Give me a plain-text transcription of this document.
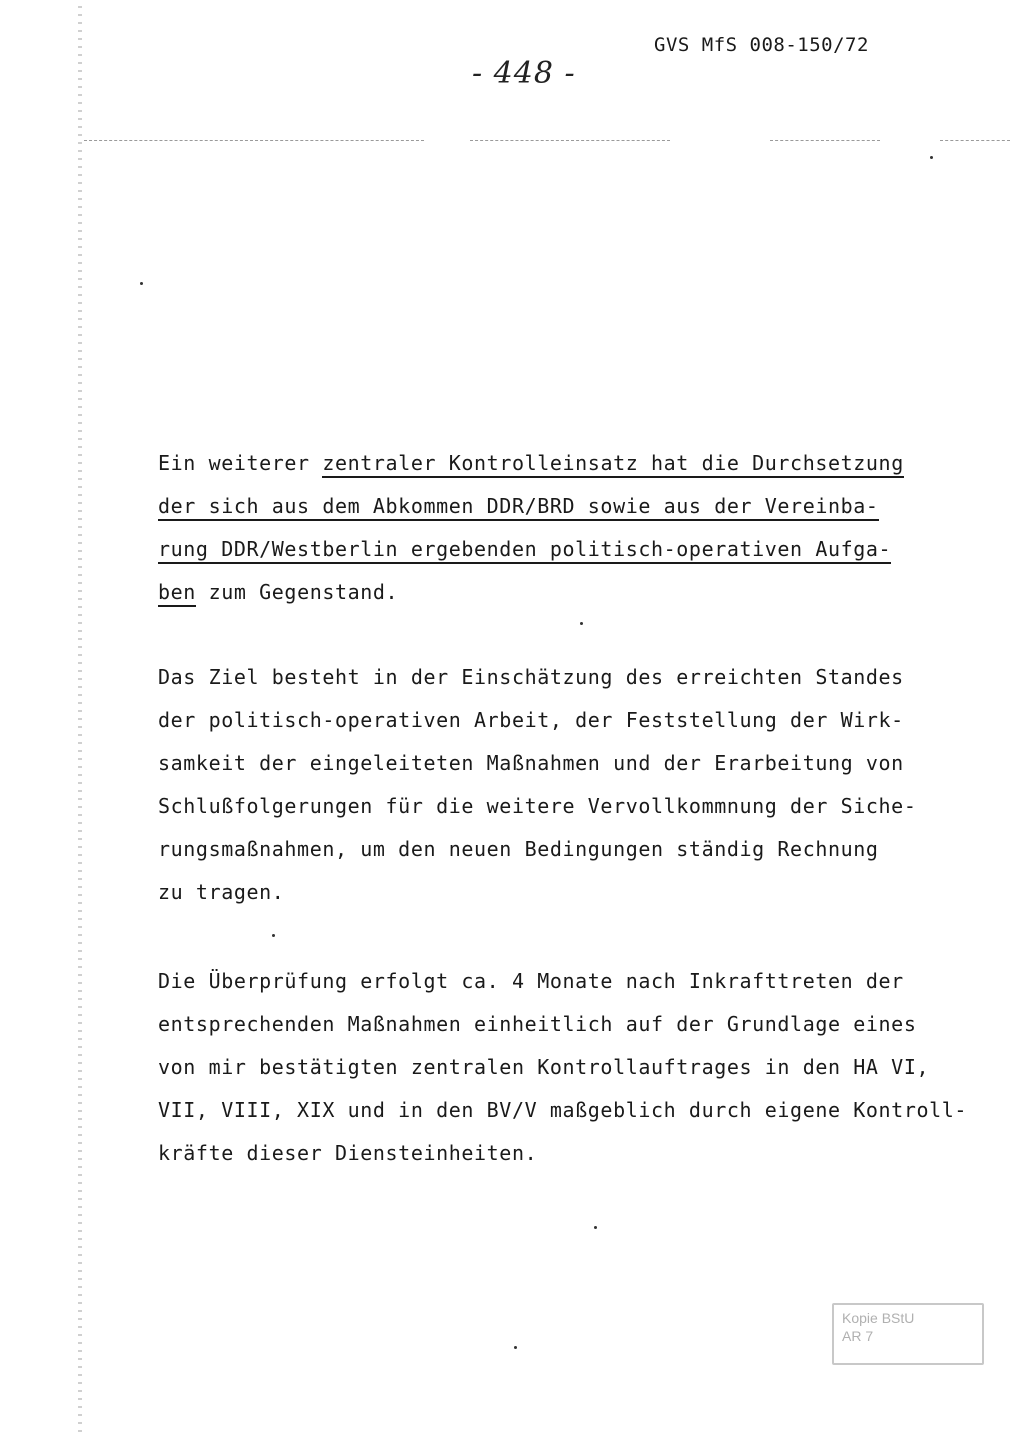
- 448 -
GVS MfS 008-150/72
Ein weiterer zentraler Kontrolleinsatz hat die Durchsetzung
der sich aus dem Abkommen DDR/BRD sowie aus der Vereinba-
rung DDR/Westberlin ergebenden politisch-operativen Aufga-
ben zum Gegenstand.
Das Ziel besteht in der Einschätzung des erreichten Standes
der politisch-operativen Arbeit, der Feststellung der Wirk-
samkeit der eingeleiteten Maßnahmen und der Erarbeitung von
Schlußfolgerungen für die weitere Vervollkommnung der Siche-
rungsmaßnahmen, um den neuen Bedingungen ständig Rechnung
zu tragen.
Die Überprüfung erfolgt ca. 4 Monate nach Inkrafttreten der
entsprechenden Maßnahmen einheitlich auf der Grundlage eines
von mir bestätigten zentralen Kontrollauftrages in den HA VI,
VII, VIII, XIX und in den BV/V maßgeblich durch eigene Kontroll-
kräfte dieser Diensteinheiten.
Kopie BStU
AR 7
